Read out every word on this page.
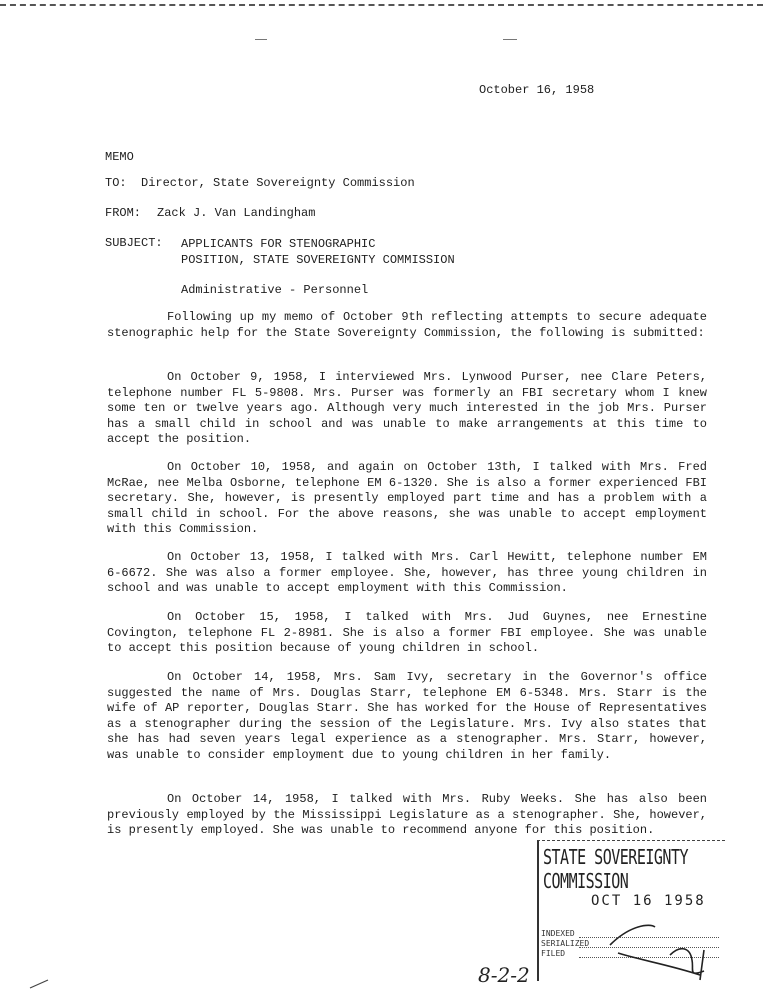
October 16, 1958
MEMO
TO: Director, State Sovereignty Commission
FROM: Zack J. Van Landingham
SUBJECT: APPLICANTS FOR STENOGRAPHIC
POSITION, STATE SOVEREIGNTY COMMISSION
Administrative - Personnel

Following up my memo of October 9th reflecting attempts to secure adequate stenographic help for the State Sovereignty Commission, the following is submitted:

On October 9, 1958, I interviewed Mrs. Lynwood Purser, nee Clare Peters, telephone number FL 5-9808. Mrs. Purser was formerly an FBI secretary whom I knew some ten or twelve years ago. Although very much interested in the job Mrs. Purser has a small child in school and was unable to make arrangements at this time to accept the position.

On October 10, 1958, and again on October 13th, I talked with Mrs. Fred McRae, nee Melba Osborne, telephone EM 6-1320. She is also a former experienced FBI secretary. She, however, is presently employed part time and has a problem with a small child in school. For the above reasons, she was unable to accept employment with this Commission.

On October 13, 1958, I talked with Mrs. Carl Hewitt, telephone number EM 6-6672. She was also a former employee. She, however, has three young children in school and was unable to accept employment with this Commission.

On October 15, 1958, I talked with Mrs. Jud Guynes, nee Ernestine Covington, telephone FL 2-8981. She is also a former FBI employee. She was unable to accept this position because of young children in school.

On October 14, 1958, Mrs. Sam Ivy, secretary in the Governor's office suggested the name of Mrs. Douglas Starr, telephone EM 6-5348. Mrs. Starr is the wife of AP reporter, Douglas Starr. She has worked for the House of Representatives as a stenographer during the session of the Legislature. Mrs. Ivy also states that she has had seven years legal experience as a stenographer. Mrs. Starr, however, was unable to consider employment due to young children in her family.

On October 14, 1958, I talked with Mrs. Ruby Weeks. She has also been previously employed by the Mississippi Legislature as a stenographer. She, however, is presently employed. She was unable to recommend anyone for this position.

STATE SOVEREIGNTY COMMISSION
OCT 16 1958
INDEXED
SERIALIZED
FILED
8-2-2
